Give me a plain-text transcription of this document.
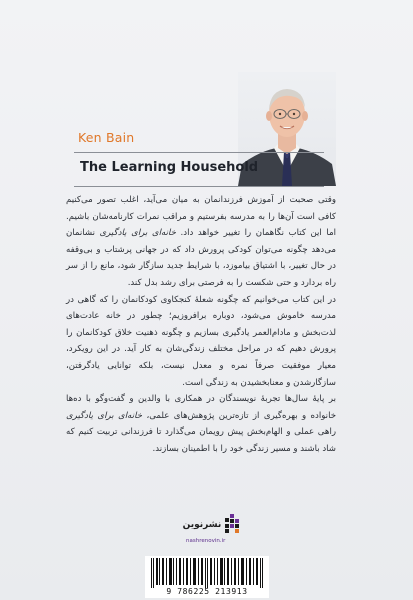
Ken Bain
The Learning Household

وقتی صحبت از آموزش فرزندانمان به میان می‌آید، اغلب تصور می‌کنیم کافی است آن‌ها را به مدرسه بفرستیم و مراقب نمرات کارنامه‌شان باشیم. اما این کتاب نگاهمان را تغییر خواهد داد. خانه‌ای برای یادگیری نشانمان می‌دهد چگونه می‌توان کودکی پرورش داد که در جهانی پرشتاب و بی‌وقفه در حال تغییر، با اشتیاق بیاموزد، با شرایط جدید سازگار شود، مانع را از سر راه بردارد و حتی شکست را به فرصتی برای رشد بدل کند.

در این کتاب می‌خوانیم که چگونه شعلهٔ کنجکاوی کودکانمان را که گاهی در مدرسه خاموش می‌شود، دوباره برافروزیم؛ چطور در خانه عادت‌های لذت‌بخش و مادام‌العمر یادگیری بسازیم و چگونه ذهنیت خلاق کودکانمان را پرورش دهیم که در مراحل مختلف زندگی‌شان به کار آید. در این رویکرد، معیار موفقیت صرفاً نمره و معدل نیست، بلکه توانایی یادگرفتن، سازگارشدن و معنابخشیدن به زندگی است.

بر پایهٔ سال‌ها تجربهٔ نویسندگان در همکاری با والدین و گفت‌وگو با ده‌ها خانواده و بهره‌گیری از تازه‌ترین پژوهش‌های علمی، خانه‌ای برای یادگیری راهی عملی و الهام‌بخش پیش رویمان می‌گذارد تا فرزندانی تربیت کنیم که شاد باشند و مسیر زندگی خود را با اطمینان بسازند.

نشرنوین
nashrenovin.ir
9 786225 213913
